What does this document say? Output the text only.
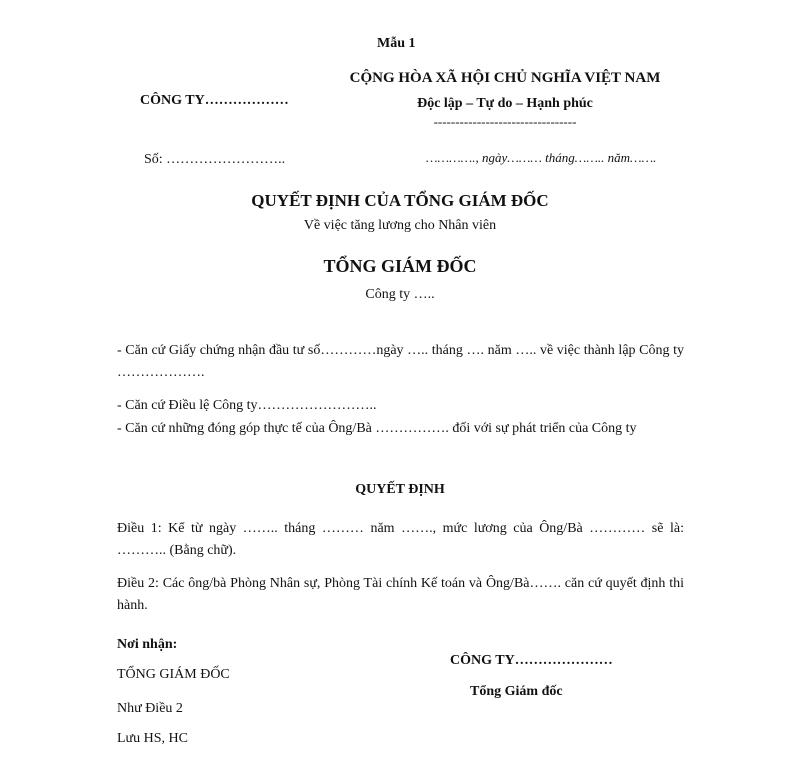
Mẫu 1
CÔNG TY………………
Số: ……………………..
CỘNG HÒA XÃ HỘI CHỦ NGHĨA VIỆT NAM
Độc lập – Tự do – Hạnh phúc
---------------------------------
…………., ngày……… tháng…….. năm…….
QUYẾT ĐỊNH CỦA TỔNG GIÁM ĐỐC
Về việc tăng lương cho Nhân viên
TỔNG GIÁM ĐỐC
Công ty …..
- Căn cứ Giấy chứng nhận đầu tư số…………ngày ….. tháng …. năm ….. về việc thành lập Công ty ……………….
- Căn cứ Điều lệ Công ty……………………..
- Căn cứ những đóng góp thực tế của Ông/Bà ……………. đối với sự phát triển của Công ty
QUYẾT ĐỊNH
Điều 1: Kể từ ngày …….. tháng ……… năm ……., mức lương của Ông/Bà ………… sẽ là: ……….. (Bằng chữ).
Điều 2: Các ông/bà Phòng Nhân sự, Phòng Tài chính Kế toán và Ông/Bà……. căn cứ quyết định thi hành.
Nơi nhận:
TỔNG GIÁM ĐỐC
Như Điều 2
Lưu HS, HC
CÔNG TY…………………
Tổng Giám đốc
